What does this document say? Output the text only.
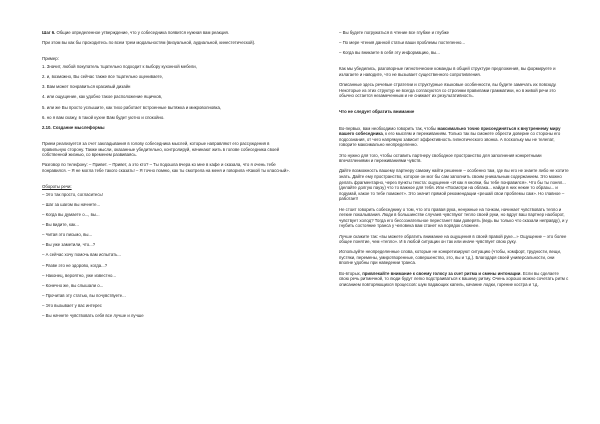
Шаг 6. Общие определенное утверждение, что у собеседника появится нужная вам реакция.

При этом вы как бы проходитесь по всем трем модальностям (визуальной, аудиальной, кинестетической).

Пример:

1. Значит, любой покупатель тщательно подходит к выбору кухонной мебели,
2. и, возможно, Вы сейчас также все тщательно оцениваете,
3. Вам может понравиться красивый дизайн
4. или ощущение, как удобно такое расположение ящичков,
5. или же Вы просто услышите, как тихо работает встроенные вытяжка и микроволновка,
6. но я вам скажу, в такой кухне Вам будет уютно и спокойно.

2.10. Создание мыслеформы

Прием реализуется за счет закладывания в голову собеседника мыслей, которые направляют его рассуждения в правильную сторону. Также мысли, оказанные убедительно, контролируй, начинают жить в голове собеседника своей собственной жизнью, со временем развиваясь.

Разговор по телефону: – Привет. – Привет, а это кто? – Ты подошла вчера ко мне в кафе и сказала, что я очень тебе понравился. – Я не могла тебе такого сказать! – Я точно помню, как ты смотрела на меня и говорила «Какой ты классный».

Обороты речи:

– Это так просто, согласитесь!
– Шаг за шагом вы начнете...
– Когда вы думаете о..., вы...
– Вы видите, как...
– Читая это письмо, вы...
– Вы уже заметили, что...?
– А сейчас хочу помочь вам испытать...
– Разве это не здорово, когда...?
– Наконец, вероятно, уже известно...
– Конечно же, вы слышали о...
– Прочитав эту статью, вы почувствуете...
– Это вызывает у вас интерес
– Вы начнете чувствовать себя все лучше и лучше
– Вы будете погружаться в чтение все глубже и глубже
– По мере чтения данной статьи ваши проблемы постепенно...
– Когда вы вникаете в себя эту информацию, вы...

Как мы убедились, разговорные гипнотические команды в общей структуре предложения, вы формируете и излагаете и наводите, что не вызывает существенного сопротивления.

Описанные здесь речевые стратегии и структурные языковые особенности, вы будете замечать их повсюду. Некоторые из этих структур не всегда согласуются со строгими правилами грамматики, но в живой речи это обычно остается незамеченным и не снижает их результативность.

Что не следует обратить внимание

Во-первых, вам необходимо говорить так, чтобы максимально точно присоединяться к внутреннему миру вашего собеседника, к его мыслям и переживаниям. Только так вы сможете обрести доверие со стороны его подсознания, от чего напрямую зависит эффективность гипнотического звонка. А поскольку мы не телепат, говорите максимально неопределенно.

Это нужно для того, чтобы оставить партнеру свободное пространство для заполнения конкретными впечатлениями и переживаниями чувств.

Дайте возможность вашему партнеру самому найти решение – особенно там, где вы его не знаете либо не хотите знать. Дайте ему пространство, которое он мог бы сам заполнить своим уникальным содержанием. Это можно делать фрагментарно, через пункты текста: ощущение «И как я кнопки, бы тебе понравился». Что бы ты понял... (делайте долгую паузу) что то важное для тебя. Или «Посмотри на облака... найди в них некие то образы... и подумай, какое то тебе поможет». Это значит прямой рекомендации «решай свои проблемы сам». Но главное – работает!

Не стоит говорить собеседнику о том, что это правая рука, ненужные на тонком, начинает чувствовать тепло и легкие покалывания. Люди в большинстве случаев чувствуют тепло своей руки, но вдруг ваш партнер наоборот, чувствует холод? Тогда его бессознательное перестанет вам доверять (ведь вы только что сказали неправду), и у гнубить состояние транса у человека вам станет на порядок сложнее.

Лучше скажите так: «вы можете обратить внимание на ощущения в своей правой руке...» Ощущение – это более общее понятие, чем «тепло». И в любой ситуации он так или иначе чувствует свою руку.

Используйте неопределенные слова, которые не конкретизируют ситуацию (чтобы, комфорт, трудности, вещи, пустяки, перемены, умиротворенные, совершенство, это, вы и т.д.). Благодаря своей универсальности, они вполне удобны при наведении транса.

Во-вторых, привлекайте внимание к своему голосу за счет ритма и смены интонации. Если вы сделаете свою речь ритмичной, то люди будут легко подстраиваться к вашему ритму. Очень хорошо можно сочетать ритм с описанием повторяющихся процессов: шум падающих капель, качание лодки, горение костра и т.д.
